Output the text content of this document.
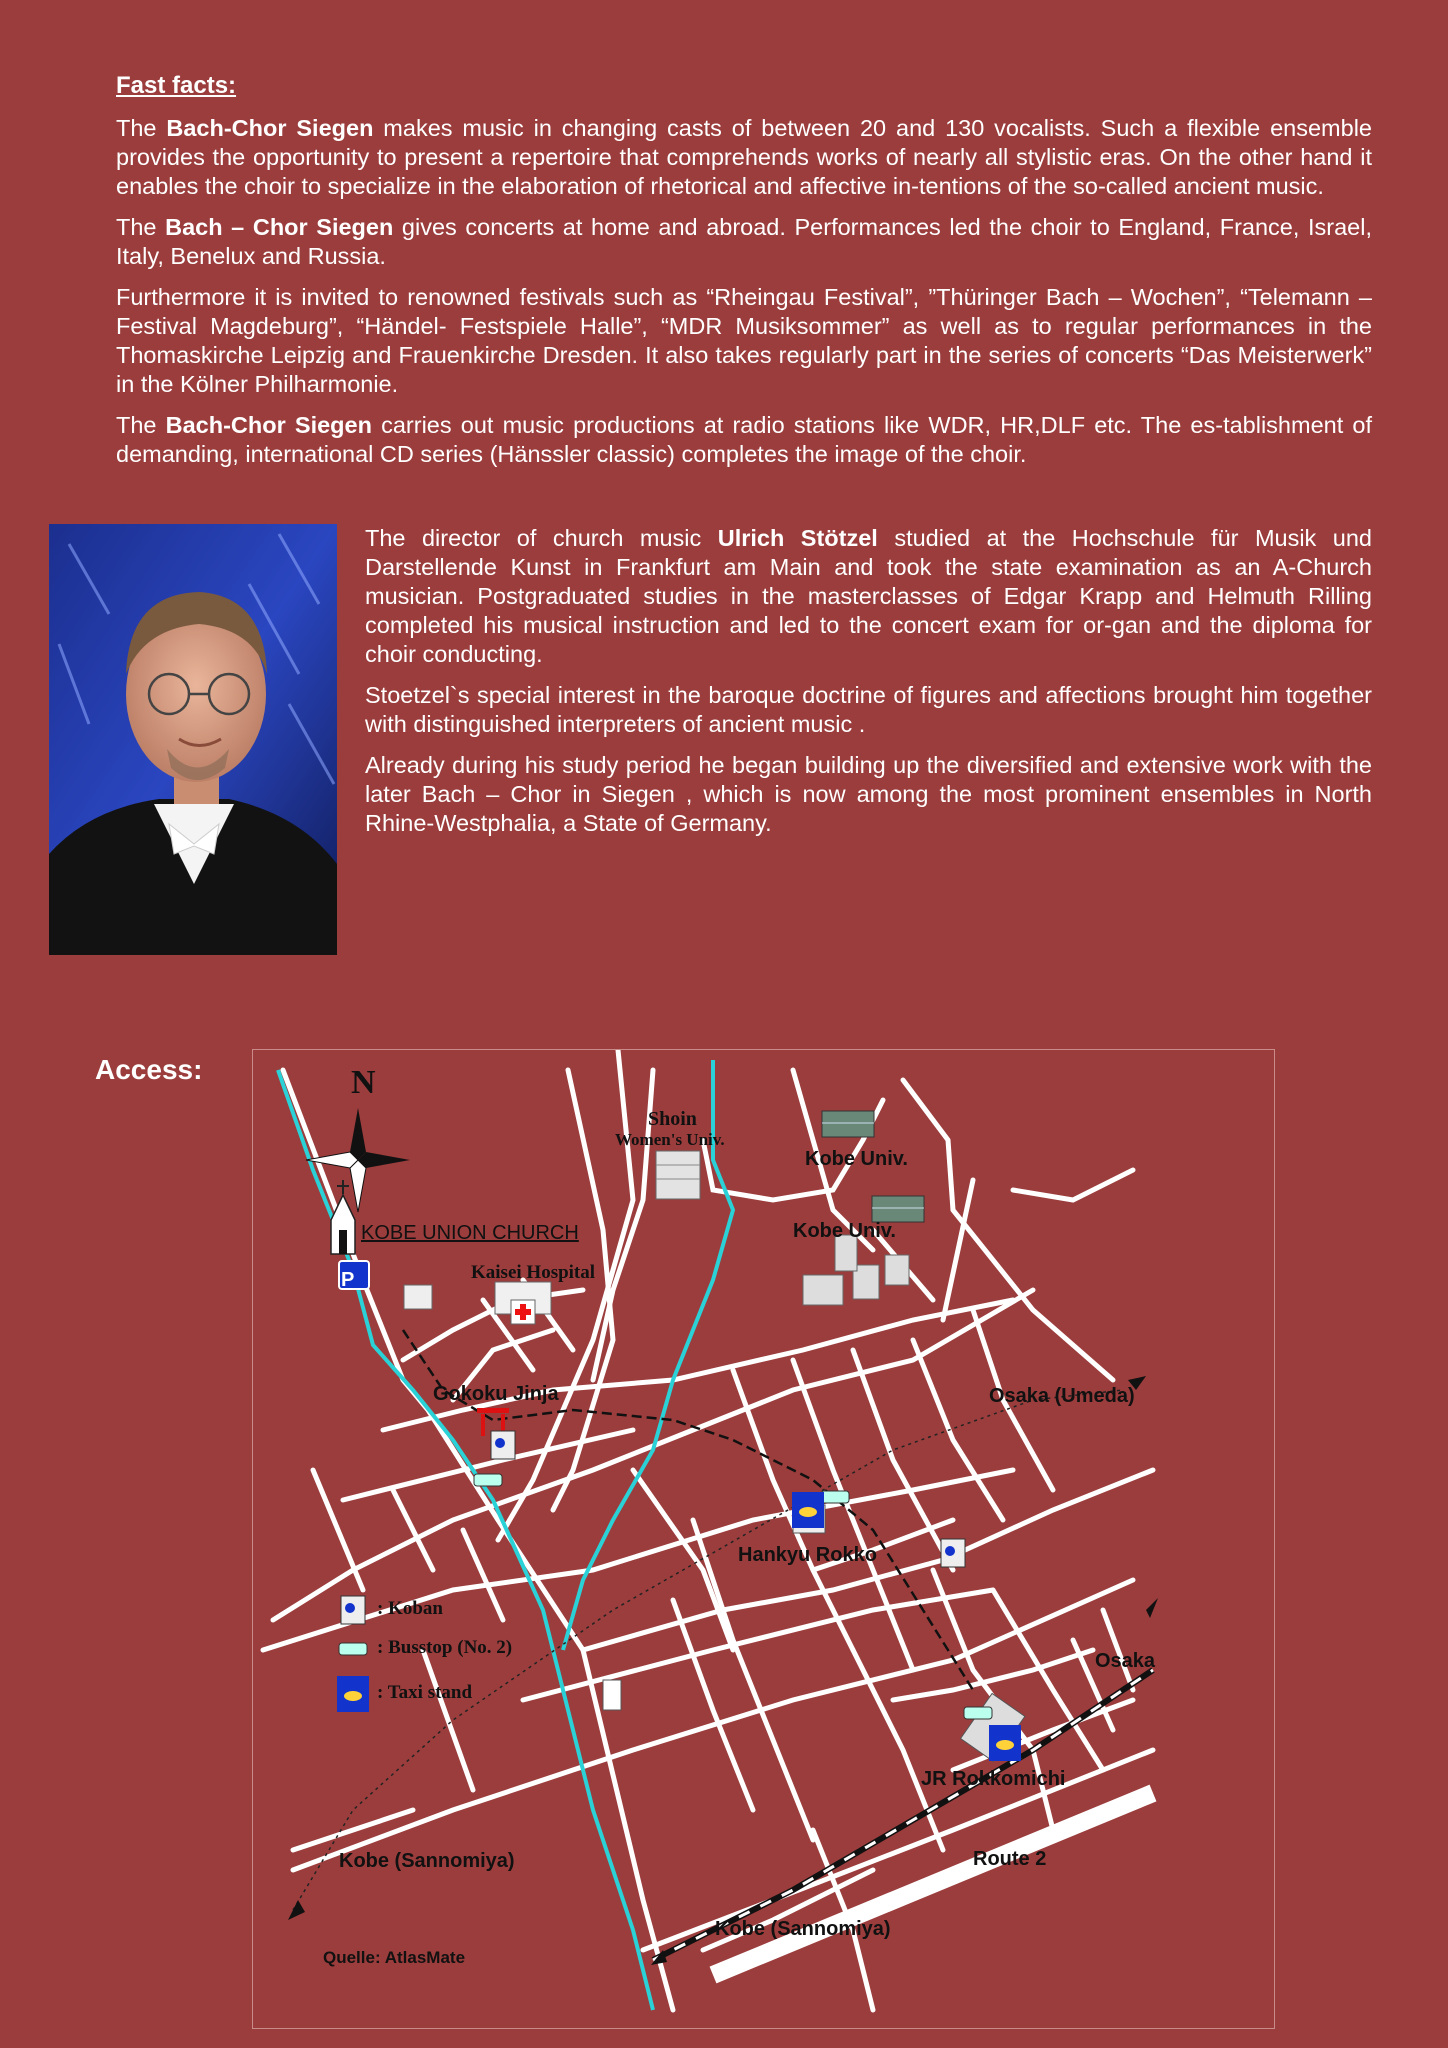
Fast facts:

The Bach-Chor Siegen makes music in changing casts of between 20 and 130 vocalists. Such a flexible ensemble provides the opportunity to present a repertoire that comprehends works of nearly all stylistic eras. On the other hand it enables the choir to specialize in the elaboration of rhetorical and affective in-tentions of the so-called ancient music.

The Bach – Chor Siegen gives concerts at home and abroad. Performances led the choir to England, France, Israel, Italy, Benelux and Russia.

Furthermore it is invited to renowned festivals such as “Rheingau Festival”, ”Thüringer Bach – Wochen”, “Telemann – Festival Magdeburg”, “Händel- Festspiele Halle”, “MDR Musiksommer” as well as to regular performances in the Thomaskirche Leipzig and Frauenkirche Dresden. It also takes regularly part in the series of concerts “Das Meisterwerk” in the Kölner Philharmonie.

The Bach-Chor Siegen carries out music productions at radio stations like WDR, HR,DLF etc. The es-tablishment of demanding, international CD series (Hänssler classic) completes the image of the choir.

The director of church music Ulrich Stötzel studied at the Hochschule für Musik und Darstellende Kunst in Frankfurt am Main and took the state examination as an A-Church musician. Postgraduated studies in the masterclasses of Edgar Krapp and Helmuth Rilling completed his musical instruction and led to the concert exam for or-gan and the diploma for choir conducting.

Stoetzel`s special interest in the baroque doctrine of figures and affections brought him together with distinguished interpreters of ancient music .

Already during his study period he began building up the diversified and extensive work with the later Bach – Chor in Siegen , which is now among the most prominent ensembles in North Rhine-Westphalia, a State of Germany.

Access:	N
KOBE UNION CHURCH
P
Shoin
Women's Univ.
Kobe Univ.
Kobe Univ.
Kaisei Hospital
Gokoku Jinja	Osaka (Umeda)
Hankyu Rokko
Osaka
JR Rokkomichi
Route 2
Kobe (Sannomiya)
Kobe (Sannomiya)
Quelle: AtlasMate
: Koban
: Busstop (No. 2)
: Taxi stand
